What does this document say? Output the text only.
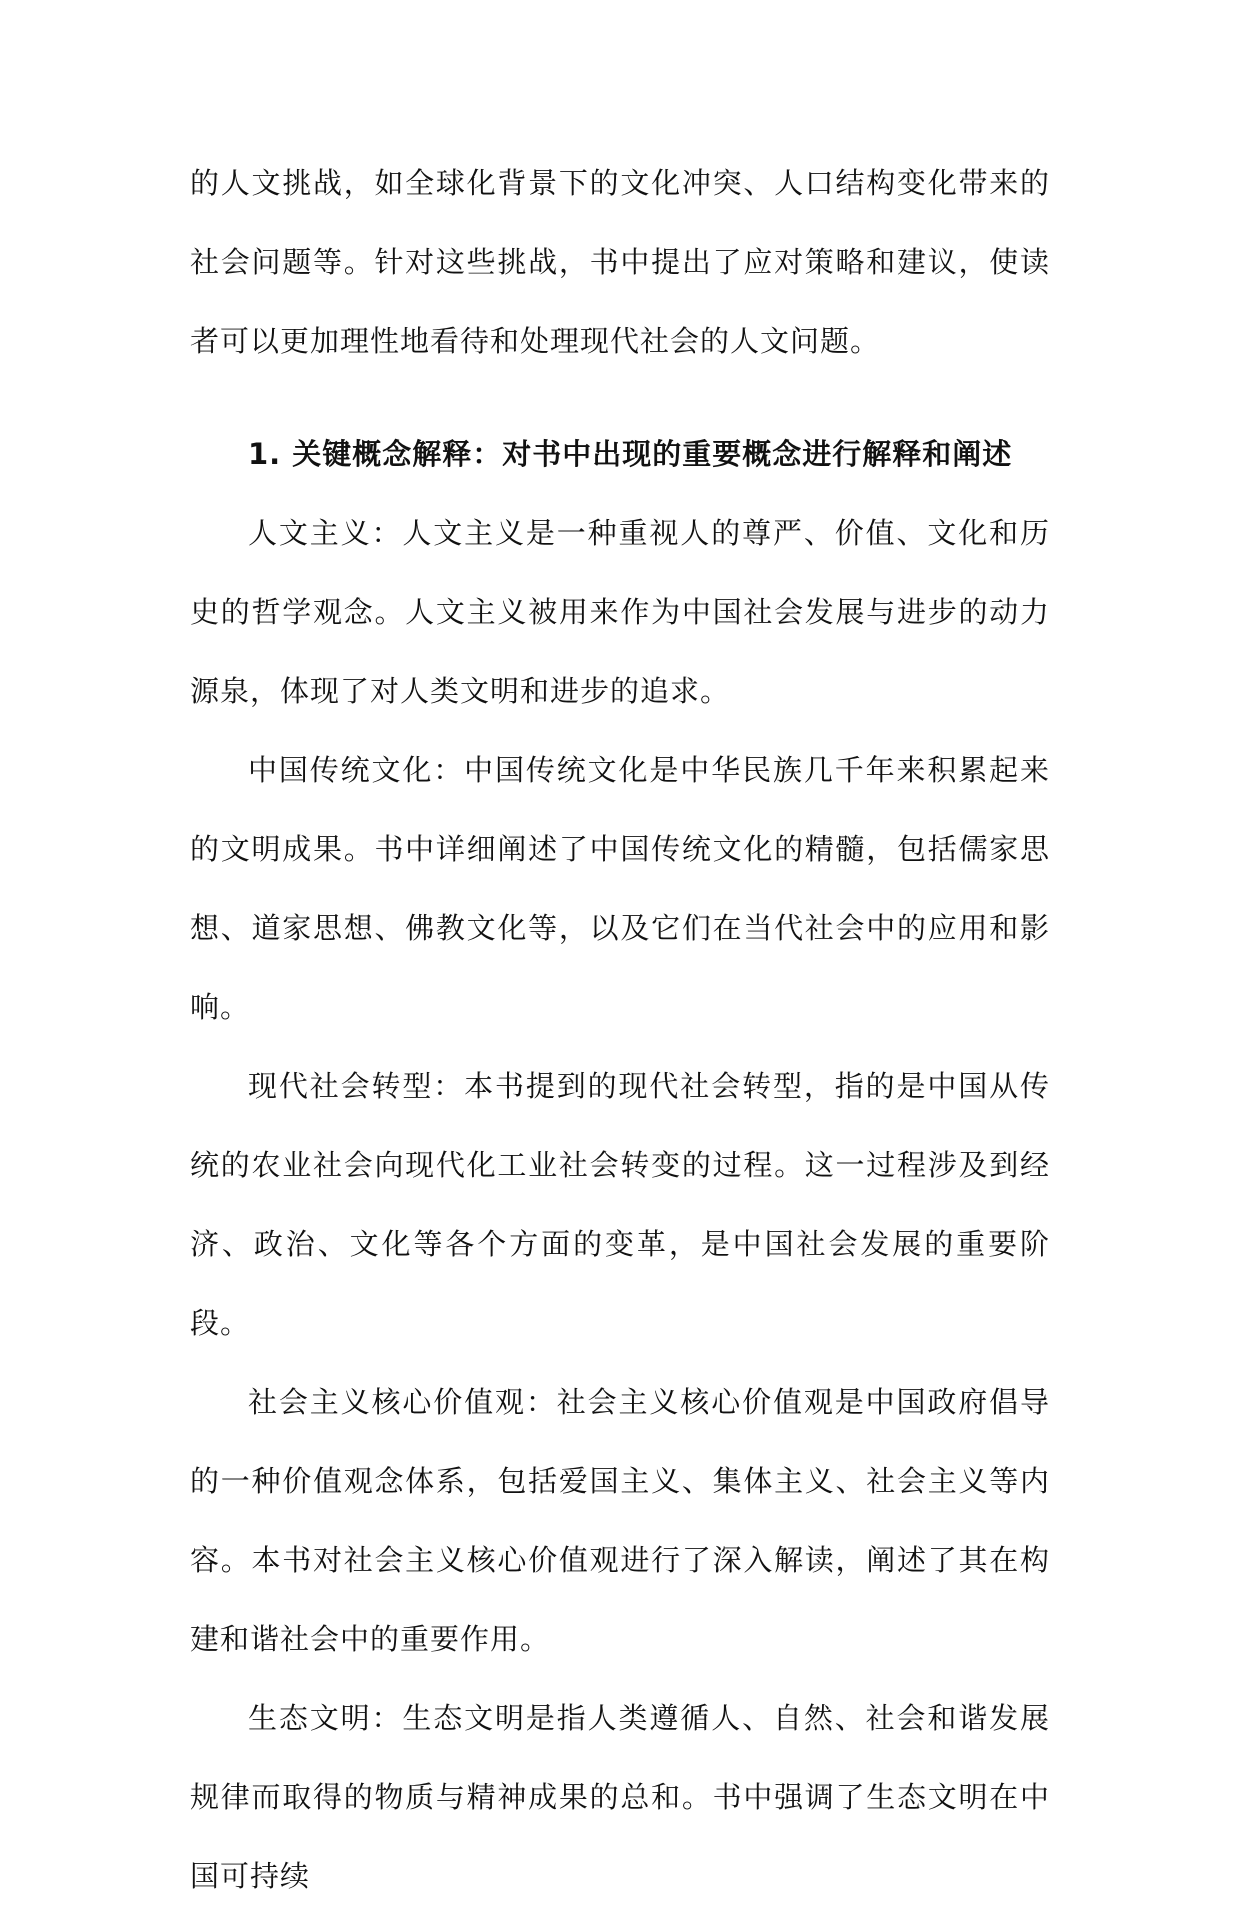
的人文挑战，如全球化背景下的文化冲突、人口结构变化带来的社会问题等。针对这些挑战，书中提出了应对策略和建议，使读者可以更加理性地看待和处理现代社会的人文问题。

1. 关键概念解释：对书中出现的重要概念进行解释和阐述

人文主义：人文主义是一种重视人的尊严、价值、文化和历史的哲学观念。人文主义被用来作为中国社会发展与进步的动力源泉，体现了对人类文明和进步的追求。

中国传统文化：中国传统文化是中华民族几千年来积累起来的文明成果。书中详细阐述了中国传统文化的精髓，包括儒家思想、道家思想、佛教文化等，以及它们在当代社会中的应用和影响。

现代社会转型：本书提到的现代社会转型，指的是中国从传统的农业社会向现代化工业社会转变的过程。这一过程涉及到经济、政治、文化等各个方面的变革，是中国社会发展的重要阶段。

社会主义核心价值观：社会主义核心价值观是中国政府倡导的一种价值观念体系，包括爱国主义、集体主义、社会主义等内容。本书对社会主义核心价值观进行了深入解读，阐述了其在构建和谐社会中的重要作用。

生态文明：生态文明是指人类遵循人、自然、社会和谐发展规律而取得的物质与精神成果的总和。书中强调了生态文明在中国可持续
